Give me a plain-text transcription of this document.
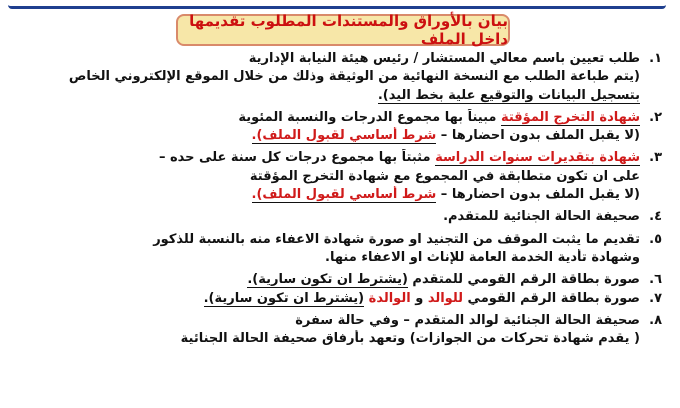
بيان بالأوراق والمستندات المطلوب تقديمها داخل الملف
١.طلب تعيين باسم معالي المستشار / رئيس هيئة النيابة الإدارية
(يتم طباعة الطلب مع النسخة النهائية من الوثيقة وذلك من خلال الموقع الإلكتروني الخاص
بتسجيل البيانات والتوقيع علية بخط اليد).
٢.شهادة التخرج المؤقتة مبيناً بها مجموع الدرجات والنسبة المئوية
(لا يقبل الملف بدون احضارها – شرط أساسي لقبول الملف).
٣.شهادة بتقديرات سنوات الدراسة مثبتاً بها مجموع درجات كل سنة على حده –
على ان تكون متطابقة في المجموع مع شهادة التخرج المؤقتة
(لا يقبل الملف بدون احضارها – شرط أساسي لقبول الملف).
٤.صحيفة الحالة الجنائية للمتقدم.
٥.تقديم ما يثبت الموقف من التجنيد او صورة شهادة الاعفاء منه بالنسبة للذكور
وشهادة تأدية الخدمة العامة للإناث او الاعفاء منها.
٦.صورة بطاقة الرقم القومي للمتقدم (يشترط ان تكون سارية).
٧.صورة بطاقة الرقم القومي للوالد و الوالدة (يشترط ان تكون سارية).
٨.صحيفة الحالة الجنائية لوالد المتقدم – وفي حالة سفرة
( يقدم شهادة تحركات من الجوازات) وتعهد بأرفاق صحيفة الحالة الجنائية
